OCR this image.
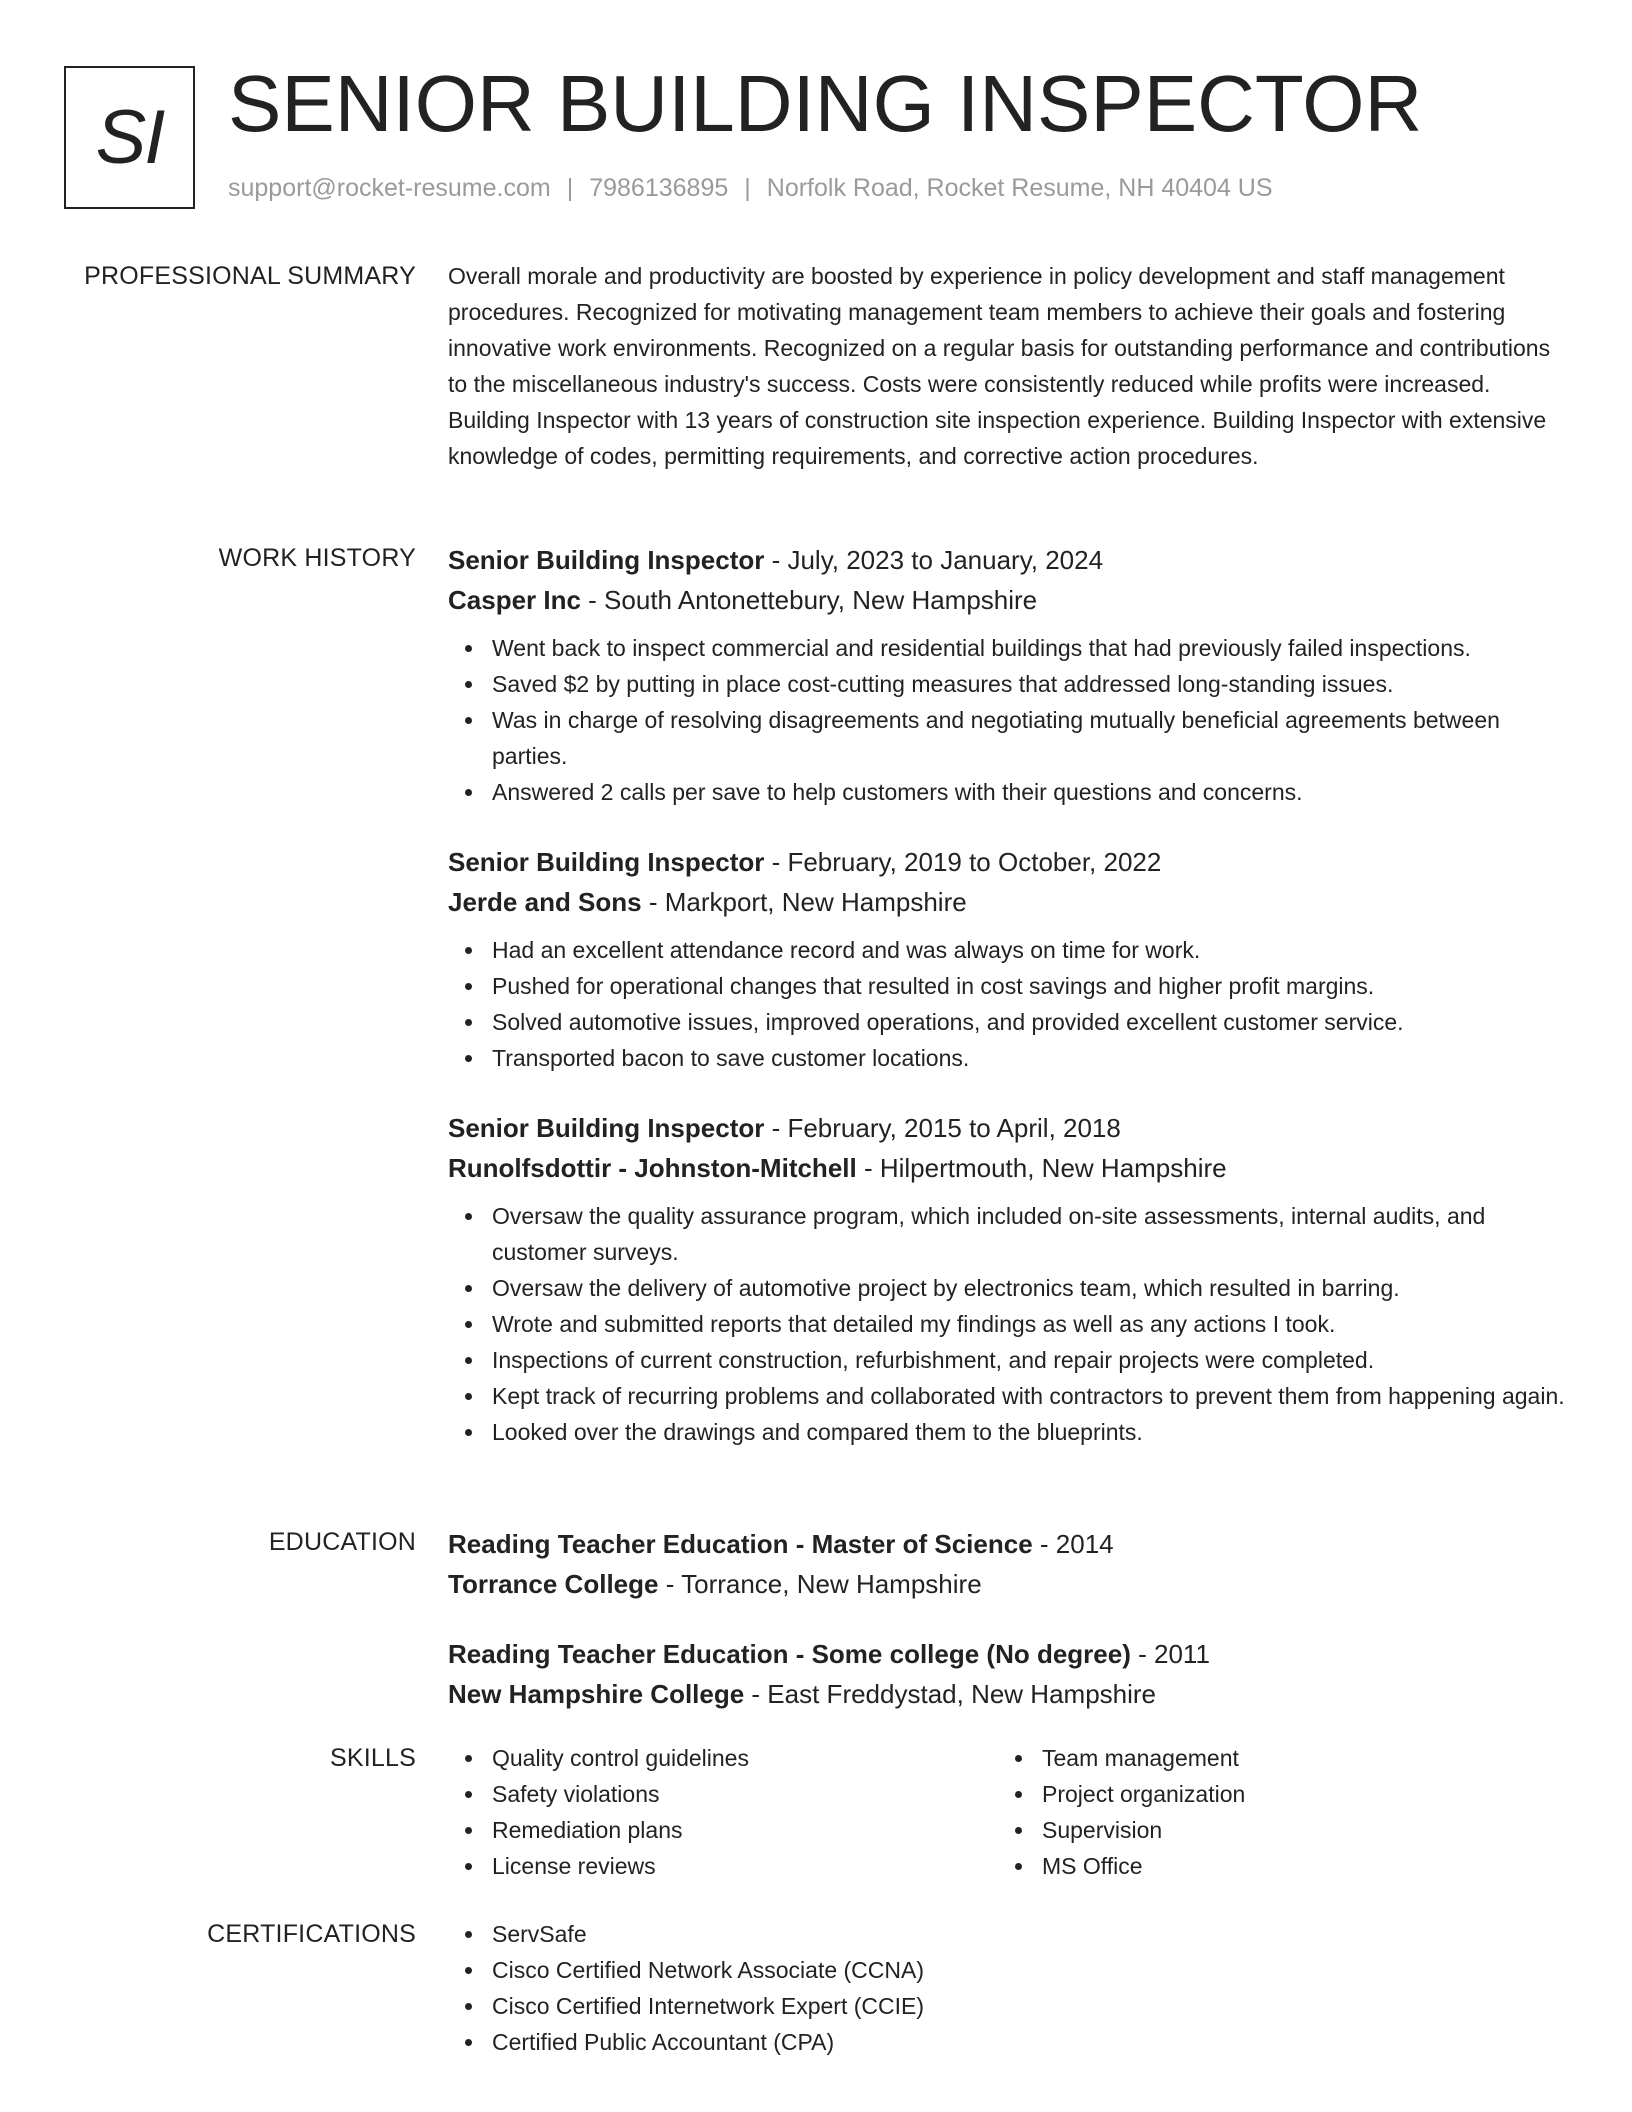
SI SENIOR BUILDING INSPECTOR
support@rocket-resume.com | 7986136895 | Norfolk Road, Rocket Resume, NH 40404 US
PROFESSIONAL SUMMARY Overall morale and productivity are boosted by experience in policy development and staff management procedures. Recognized for motivating management team members to achieve their goals and fostering innovative work environments. Recognized on a regular basis for outstanding performance and contributions to the miscellaneous industry's success. Costs were consistently reduced while profits were increased. Building Inspector with 13 years of construction site inspection experience. Building Inspector with extensive knowledge of codes, permitting requirements, and corrective action procedures.

WORK HISTORY Senior Building Inspector - July, 2023 to January, 2024
Casper Inc - South Antonettebury, New Hampshire
Went back to inspect commercial and residential buildings that had previously failed inspections.
Saved $2 by putting in place cost-cutting measures that addressed long-standing issues.
Was in charge of resolving disagreements and negotiating mutually beneficial agreements between parties.
Answered 2 calls per save to help customers with their questions and concerns.
Senior Building Inspector - February, 2019 to October, 2022
Jerde and Sons - Markport, New Hampshire
Had an excellent attendance record and was always on time for work.
Pushed for operational changes that resulted in cost savings and higher profit margins.
Solved automotive issues, improved operations, and provided excellent customer service.
Transported bacon to save customer locations.
Senior Building Inspector - February, 2015 to April, 2018
Runolfsdottir - Johnston-Mitchell - Hilpertmouth, New Hampshire
Oversaw the quality assurance program, which included on-site assessments, internal audits, and customer surveys.
Oversaw the delivery of automotive project by electronics team, which resulted in barring.
Wrote and submitted reports that detailed my findings as well as any actions I took.
Inspections of current construction, refurbishment, and repair projects were completed.
Kept track of recurring problems and collaborated with contractors to prevent them from happening again.
Looked over the drawings and compared them to the blueprints.
EDUCATION Reading Teacher Education - Master of Science - 2014
Torrance College - Torrance, New Hampshire
Reading Teacher Education - Some college (No degree) - 2011
New Hampshire College - East Freddystad, New Hampshire
SKILLS	Quality control guidelines
Safety violations
Remediation plans
License reviews
Team management
Project organization
Supervision
MS Office
CERTIFICATIONS	ServSafe
Cisco Certified Network Associate (CCNA)
Cisco Certified Internetwork Expert (CCIE)
Certified Public Accountant (CPA)
